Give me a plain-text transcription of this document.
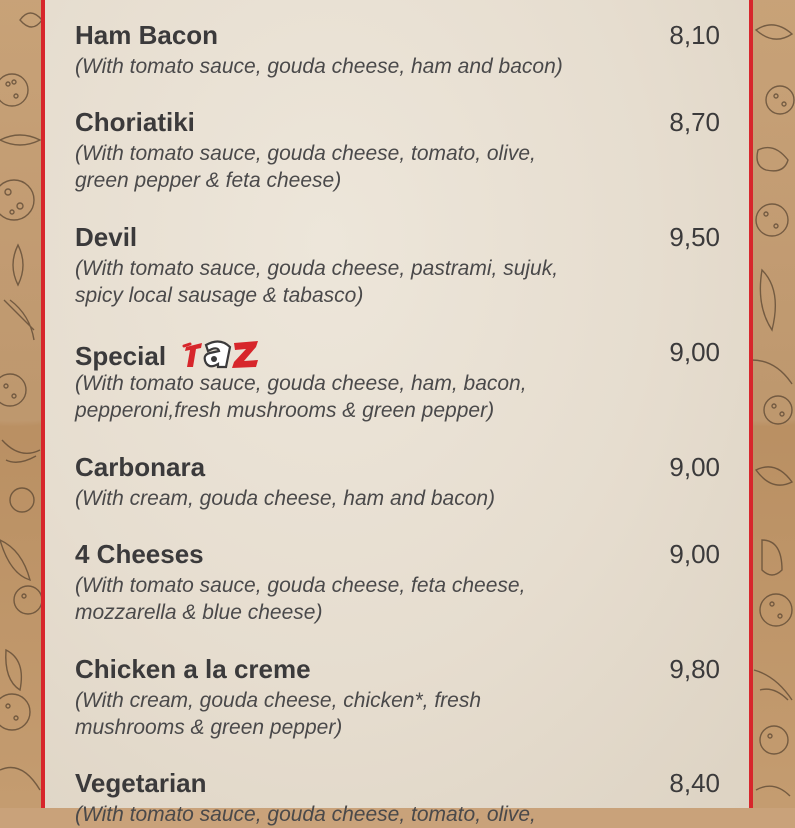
Ham Bacon	8,10
(With tomato sauce, gouda cheese, ham and bacon)
Choriatiki	8,70
(With tomato sauce, gouda cheese, tomato, olive, green pepper & feta cheese)
Devil	9,50
(With tomato sauce, gouda cheese, pastrami, sujuk, spicy local sausage & tabasco)
Special	9,00
(With tomato sauce, gouda cheese, ham, bacon, pepperoni,fresh mushrooms & green pepper)
Carbonara	9,00
(With cream, gouda cheese, ham and bacon)
4 Cheeses	9,00
(With tomato sauce, gouda cheese, feta cheese, mozzarella & blue cheese)
Chicken a la creme	9,80
(With cream, gouda cheese, chicken*, fresh mushrooms & green pepper)
Vegetarian	8,40
(With tomato sauce, gouda cheese, tomato, olive,
